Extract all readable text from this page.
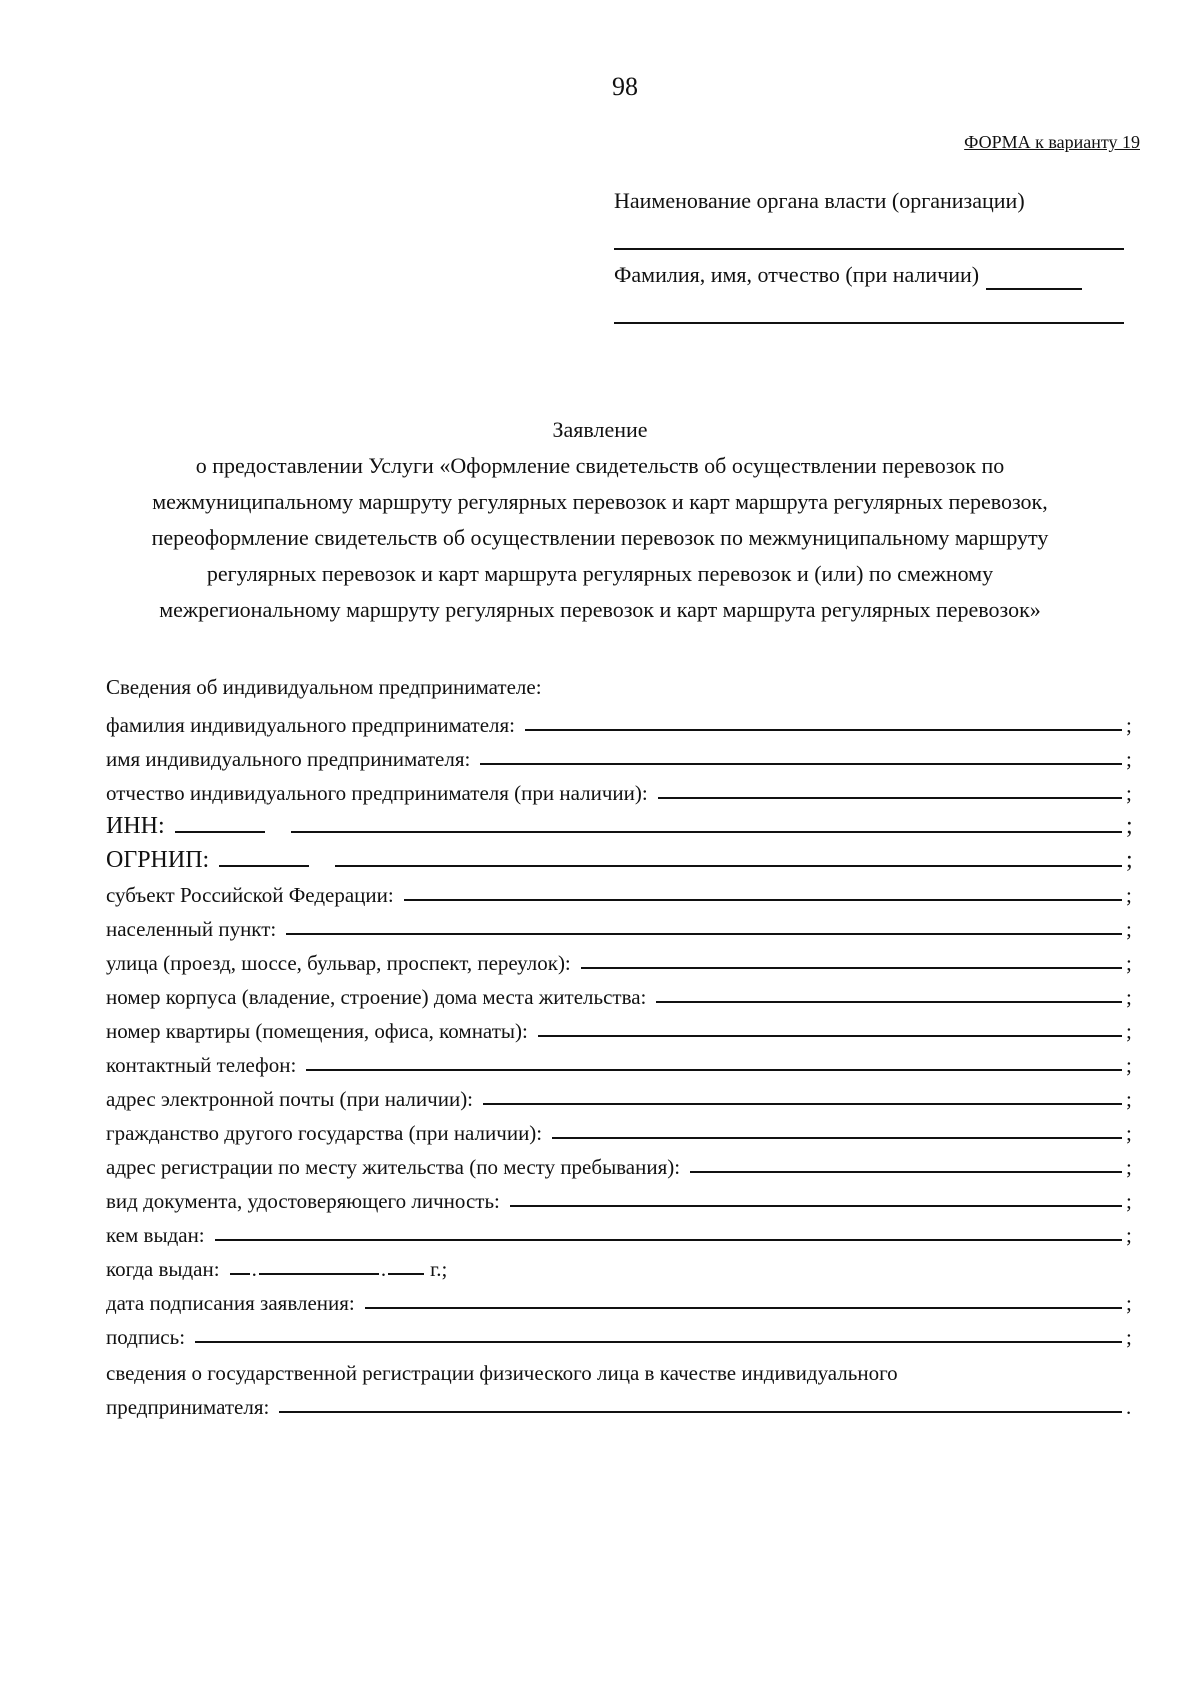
98
ФОРМА к варианту 19
Наименование органа власти (организации)
Фамилия, имя, отчество (при наличии)
Заявление
о предоставлении Услуги «Оформление свидетельств об осуществлении перевозок по
межмуниципальному маршруту регулярных перевозок и карт маршрута регулярных перевозок,
переоформление свидетельств об осуществлении перевозок по межмуниципальному маршруту
регулярных перевозок и карт маршрута регулярных перевозок и (или) по смежному
межрегиональному маршруту регулярных перевозок и карт маршрута регулярных перевозок»
Сведения об индивидуальном предпринимателе:
фамилия индивидуального предпринимателя:	;
имя индивидуального предпринимателя:	;
отчество индивидуального предпринимателя (при наличии):	;
ИНН:	;
ОГРНИП:	;
субъект Российской Федерации:	;
населенный пункт:	;
улица (проезд, шоссе, бульвар, проспект, переулок):	;
номер корпуса (владение, строение) дома места жительства:	;
номер квартиры (помещения, офиса, комнаты):	;
контактный телефон:	;
адрес электронной почты (при наличии):	;
гражданство другого государства (при наличии):	;
адрес регистрации по месту жительства (по месту пребывания):	;
вид документа, удостоверяющего личность:	;
кем выдан:	;
когда выдан: .	. г.;
дата подписания заявления:	;
подпись:	;
сведения о государственной регистрации физического лица в качестве индивидуального
предпринимателя:	.
